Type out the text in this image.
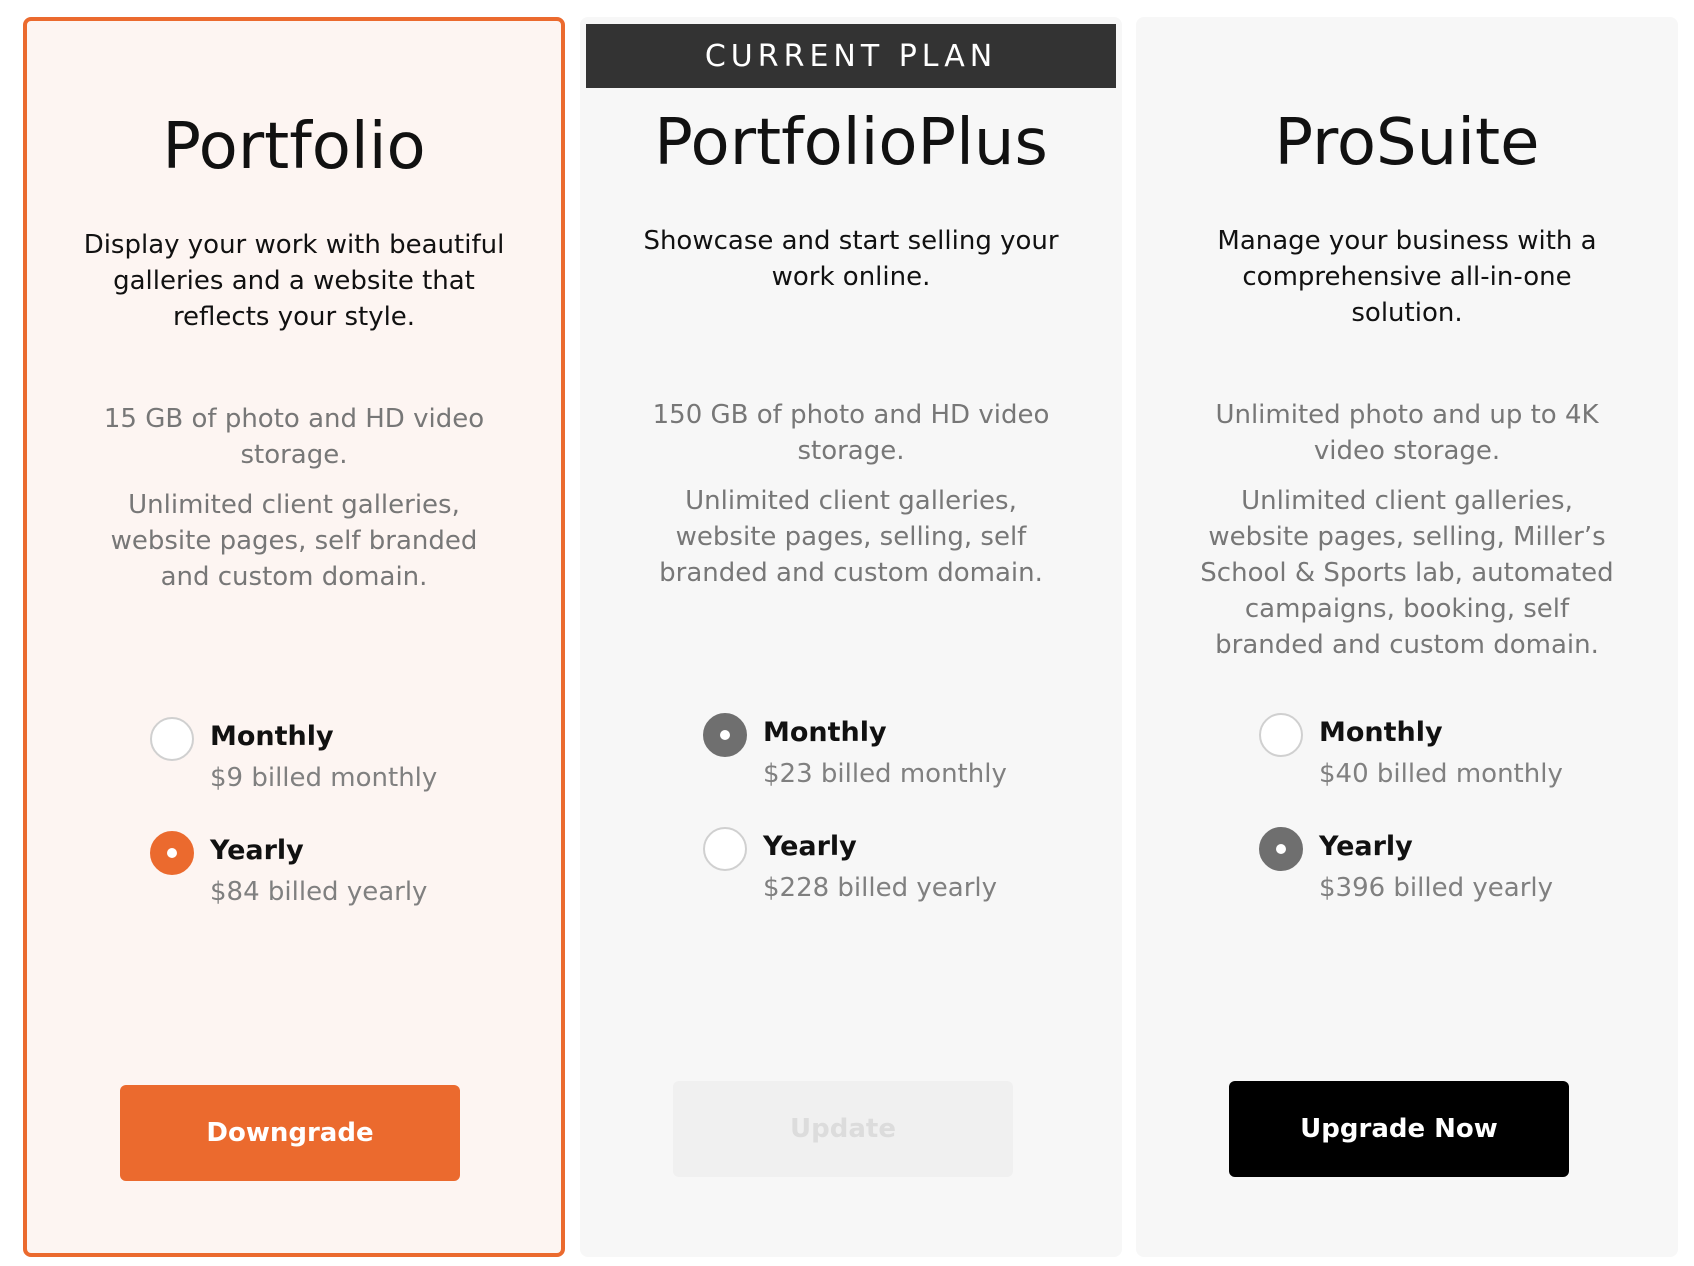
Portfolio
Display your work with beautiful galleries and a website that reflects your style.
15 GB of photo and HD video storage.
Unlimited client galleries, website pages, self branded and custom domain.
Monthly
$9 billed monthly
Yearly
$84 billed yearly
Downgrade
CURRENT PLAN
PortfolioPlus
Showcase and start selling your work online.
150 GB of photo and HD video storage.
Unlimited client galleries, website pages, selling, self branded and custom domain.
Monthly
$23 billed monthly
Yearly
$228 billed yearly
Update
ProSuite
Manage your business with a comprehensive all-in-one solution.
Unlimited photo and up to 4K video storage.
Unlimited client galleries, website pages, selling, Miller’s School & Sports lab, automated campaigns, booking, self branded and custom domain.
Monthly
$40 billed monthly
Yearly
$396 billed yearly
Upgrade Now
